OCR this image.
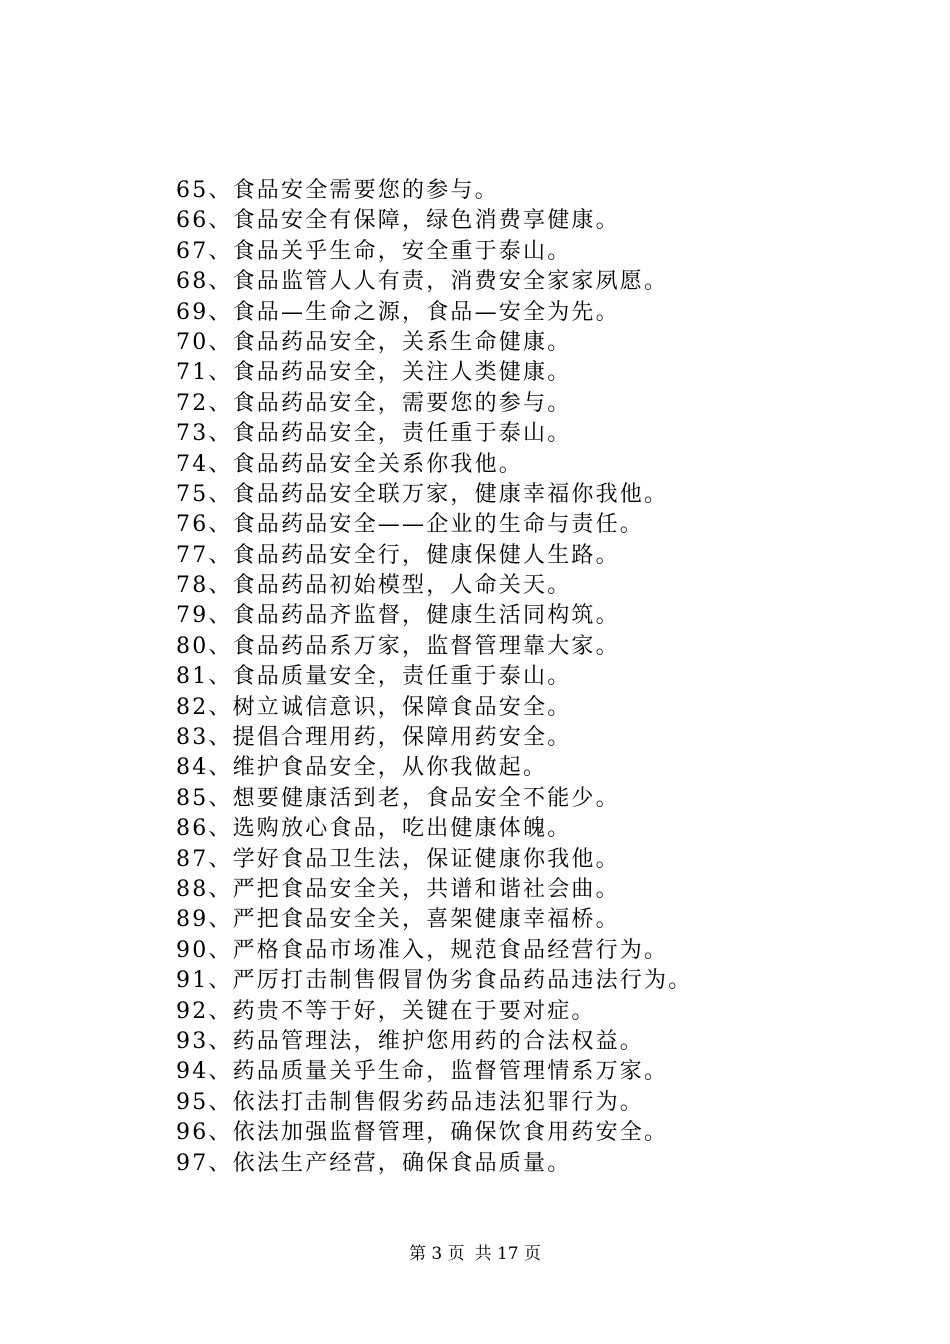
65、食品安全需要您的参与。
66、食品安全有保障，绿色消费享健康。
67、食品关乎生命，安全重于泰山。
68、食品监管人人有责，消费安全家家夙愿。
69、食品—生命之源，食品—安全为先。
70、食品药品安全，关系生命健康。
71、食品药品安全，关注人类健康。
72、食品药品安全，需要您的参与。
73、食品药品安全，责任重于泰山。
74、食品药品安全关系你我他。
75、食品药品安全联万家，健康幸福你我他。
76、食品药品安全——企业的生命与责任。
77、食品药品安全行，健康保健人生路。
78、食品药品初始模型，人命关天。
79、食品药品齐监督，健康生活同构筑。
80、食品药品系万家，监督管理靠大家。
81、食品质量安全，责任重于泰山。
82、树立诚信意识，保障食品安全。
83、提倡合理用药，保障用药安全。
84、维护食品安全，从你我做起。
85、想要健康活到老，食品安全不能少。
86、选购放心食品，吃出健康体魄。
87、学好食品卫生法，保证健康你我他。
88、严把食品安全关，共谱和谐社会曲。
89、严把食品安全关，喜架健康幸福桥。
90、严格食品市场准入，规范食品经营行为。
91、严厉打击制售假冒伪劣食品药品违法行为。
92、药贵不等于好，关键在于要对症。
93、药品管理法，维护您用药的合法权益。
94、药品质量关乎生命，监督管理情系万家。
95、依法打击制售假劣药品违法犯罪行为。
96、依法加强监督管理，确保饮食用药安全。
97、依法生产经营，确保食品质量。
第 3 页 共 17 页
